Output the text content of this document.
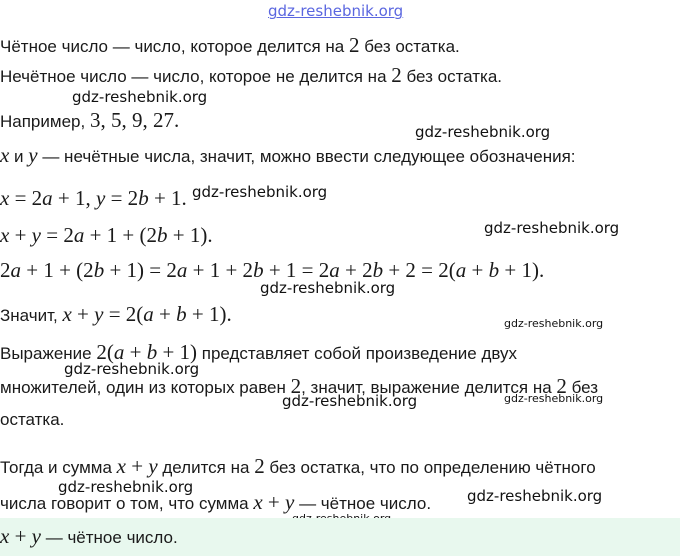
gdz-reshebnik.org
Чётное число — число, которое делится на 2 без остатка.
Нечётное число — число, которое не делится на 2 без остатка.
gdz-reshebnik.org
Например, 3, 5, 9, 27.	gdz-reshebnik.org
x и y — нечётные числа, значит, можно ввести следующее обозначения:
x = 2a + 1, y = 2b + 1. gdz-reshebnik.org
gdz-reshebnik.org
x + y = 2a + 1 + (2b + 1).
2a + 1 + (2b + 1) = 2a + 1 + 2b + 1 = 2a + 2b + 2 = 2(a + b + 1).
gdz-reshebnik.org
Значит, x + y = 2(a + b + 1).	gdz-reshebnik.org
Выражение 2(a + b + 1) представляет собой произведение двух
gdz-reshebnik.org
множителей, один из которых равен 2, значит, выражение делится на 2 без
gdz-reshebnik.org	gdz-reshebnik.org
остатка.
Тогда и сумма x + y делится на 2 без остатка, что по определению чётного
gdz-reshebnik.org
числа говорит о том, что сумма x + y — чётное число. gdz-reshebnik.org
x + y — чётное число.
